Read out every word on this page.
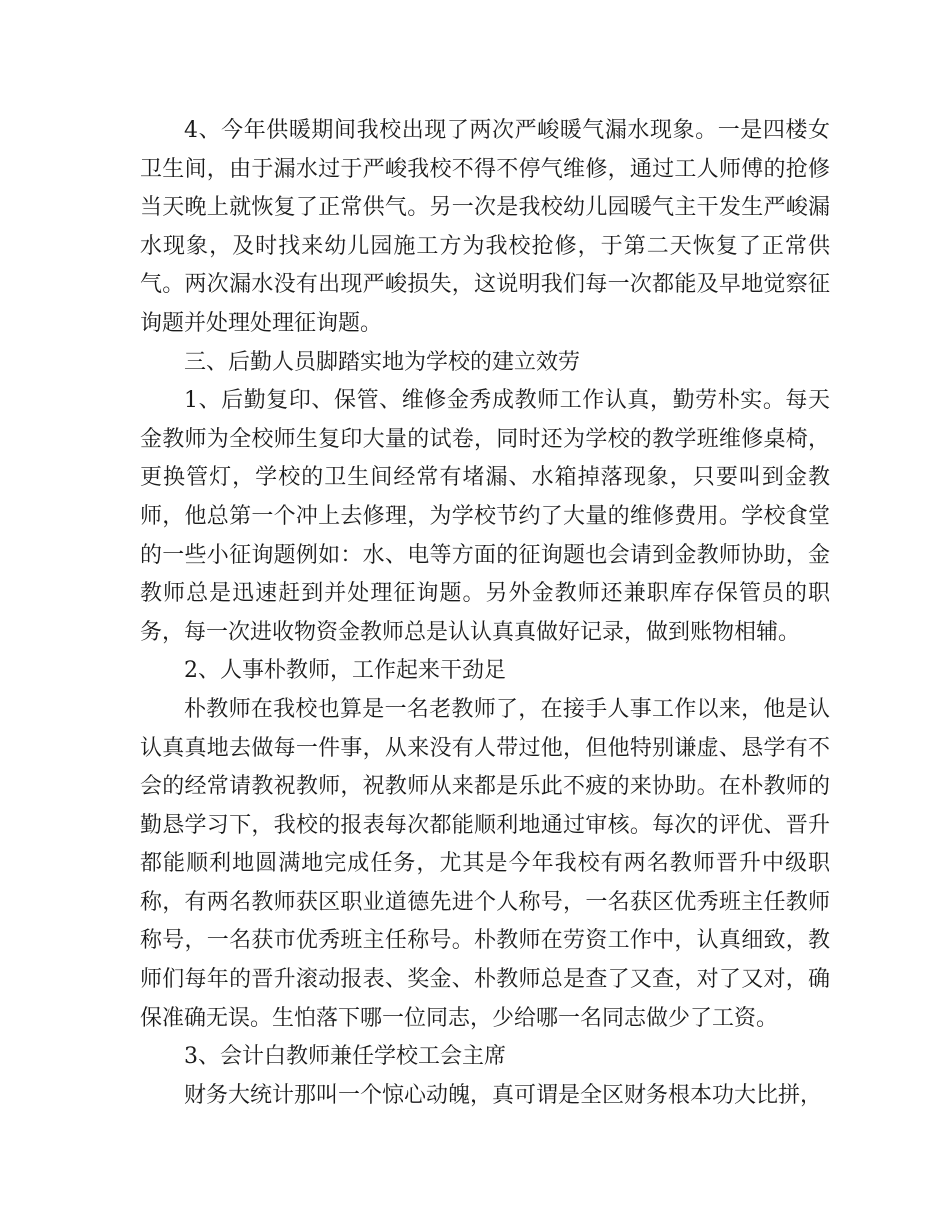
4、今年供暖期间我校出现了两次严峻暖气漏水现象。一是四楼女卫生间，由于漏水过于严峻我校不得不停气维修，通过工人师傅的抢修当天晚上就恢复了正常供气。另一次是我校幼儿园暖气主干发生严峻漏水现象，及时找来幼儿园施工方为我校抢修，于第二天恢复了正常供气。两次漏水没有出现严峻损失，这说明我们每一次都能及早地觉察征询题并处理处理征询题。

三、后勤人员脚踏实地为学校的建立效劳

1、后勤复印、保管、维修金秀成教师工作认真，勤劳朴实。每天金教师为全校师生复印大量的试卷，同时还为学校的教学班维修桌椅，更换管灯，学校的卫生间经常有堵漏、水箱掉落现象，只要叫到金教师，他总第一个冲上去修理，为学校节约了大量的维修费用。学校食堂的一些小征询题例如：水、电等方面的征询题也会请到金教师协助，金教师总是迅速赶到并处理征询题。另外金教师还兼职库存保管员的职务，每一次进收物资金教师总是认认真真做好记录，做到账物相辅。

2、人事朴教师，工作起来干劲足

朴教师在我校也算是一名老教师了，在接手人事工作以来，他是认认真真地去做每一件事，从来没有人带过他，但他特别谦虚、恳学有不会的经常请教祝教师，祝教师从来都是乐此不疲的来协助。在朴教师的勤恳学习下，我校的报表每次都能顺利地通过审核。每次的评优、晋升都能顺利地圆满地完成任务，尤其是今年我校有两名教师晋升中级职称，有两名教师获区职业道德先进个人称号，一名获区优秀班主任教师称号，一名获市优秀班主任称号。朴教师在劳资工作中，认真细致，教师们每年的晋升滚动报表、奖金、朴教师总是查了又查，对了又对，确保准确无误。生怕落下哪一位同志，少给哪一名同志做少了工资。

3、会计白教师兼任学校工会主席

财务大统计那叫一个惊心动魄，真可谓是全区财务根本功大比拼，
